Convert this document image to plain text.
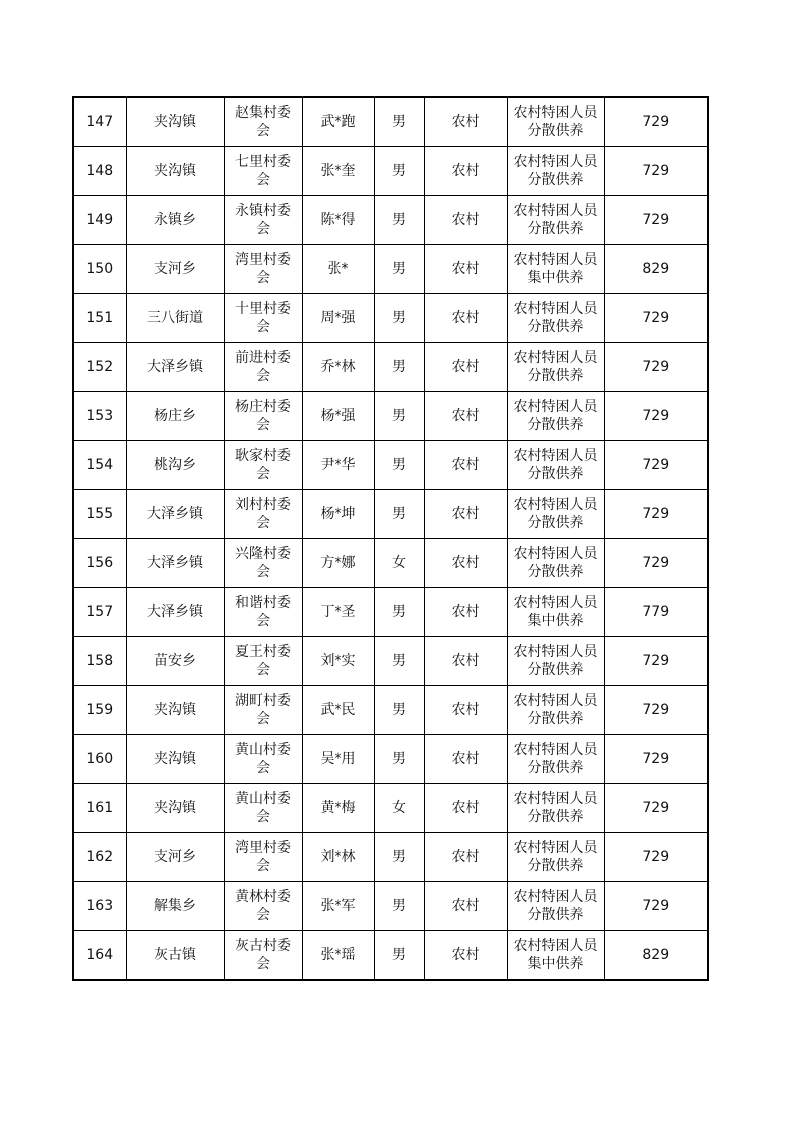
147	夹沟镇	赵集村委会	武*跑	男	农村	农村特困人员分散供养	729
148	夹沟镇	七里村委会	张*奎	男	农村	农村特困人员分散供养	729
149	永镇乡	永镇村委会	陈*得	男	农村	农村特困人员分散供养	729
150	支河乡	湾里村委会	张*	男	农村	农村特困人员集中供养	829
151	三八街道	十里村委会	周*强	男	农村	农村特困人员分散供养	729
152	大泽乡镇	前进村委会	乔*林	男	农村	农村特困人员分散供养	729
153	杨庄乡	杨庄村委会	杨*强	男	农村	农村特困人员分散供养	729
154	桃沟乡	耿家村委会	尹*华	男	农村	农村特困人员分散供养	729
155	大泽乡镇	刘村村委会	杨*坤	男	农村	农村特困人员分散供养	729
156	大泽乡镇	兴隆村委会	方*娜	女	农村	农村特困人员分散供养	729
157	大泽乡镇	和谐村委会	丁*圣	男	农村	农村特困人员集中供养	779
158	苗安乡	夏王村委会	刘*实	男	农村	农村特困人员分散供养	729
159	夹沟镇	湖町村委会	武*民	男	农村	农村特困人员分散供养	729
160	夹沟镇	黄山村委会	吴*用	男	农村	农村特困人员分散供养	729
161	夹沟镇	黄山村委会	黄*梅	女	农村	农村特困人员分散供养	729
162	支河乡	湾里村委会	刘*林	男	农村	农村特困人员分散供养	729
163	解集乡	黄林村委会	张*军	男	农村	农村特困人员分散供养	729
164	灰古镇	灰古村委会	张*瑶	男	农村	农村特困人员集中供养	829
